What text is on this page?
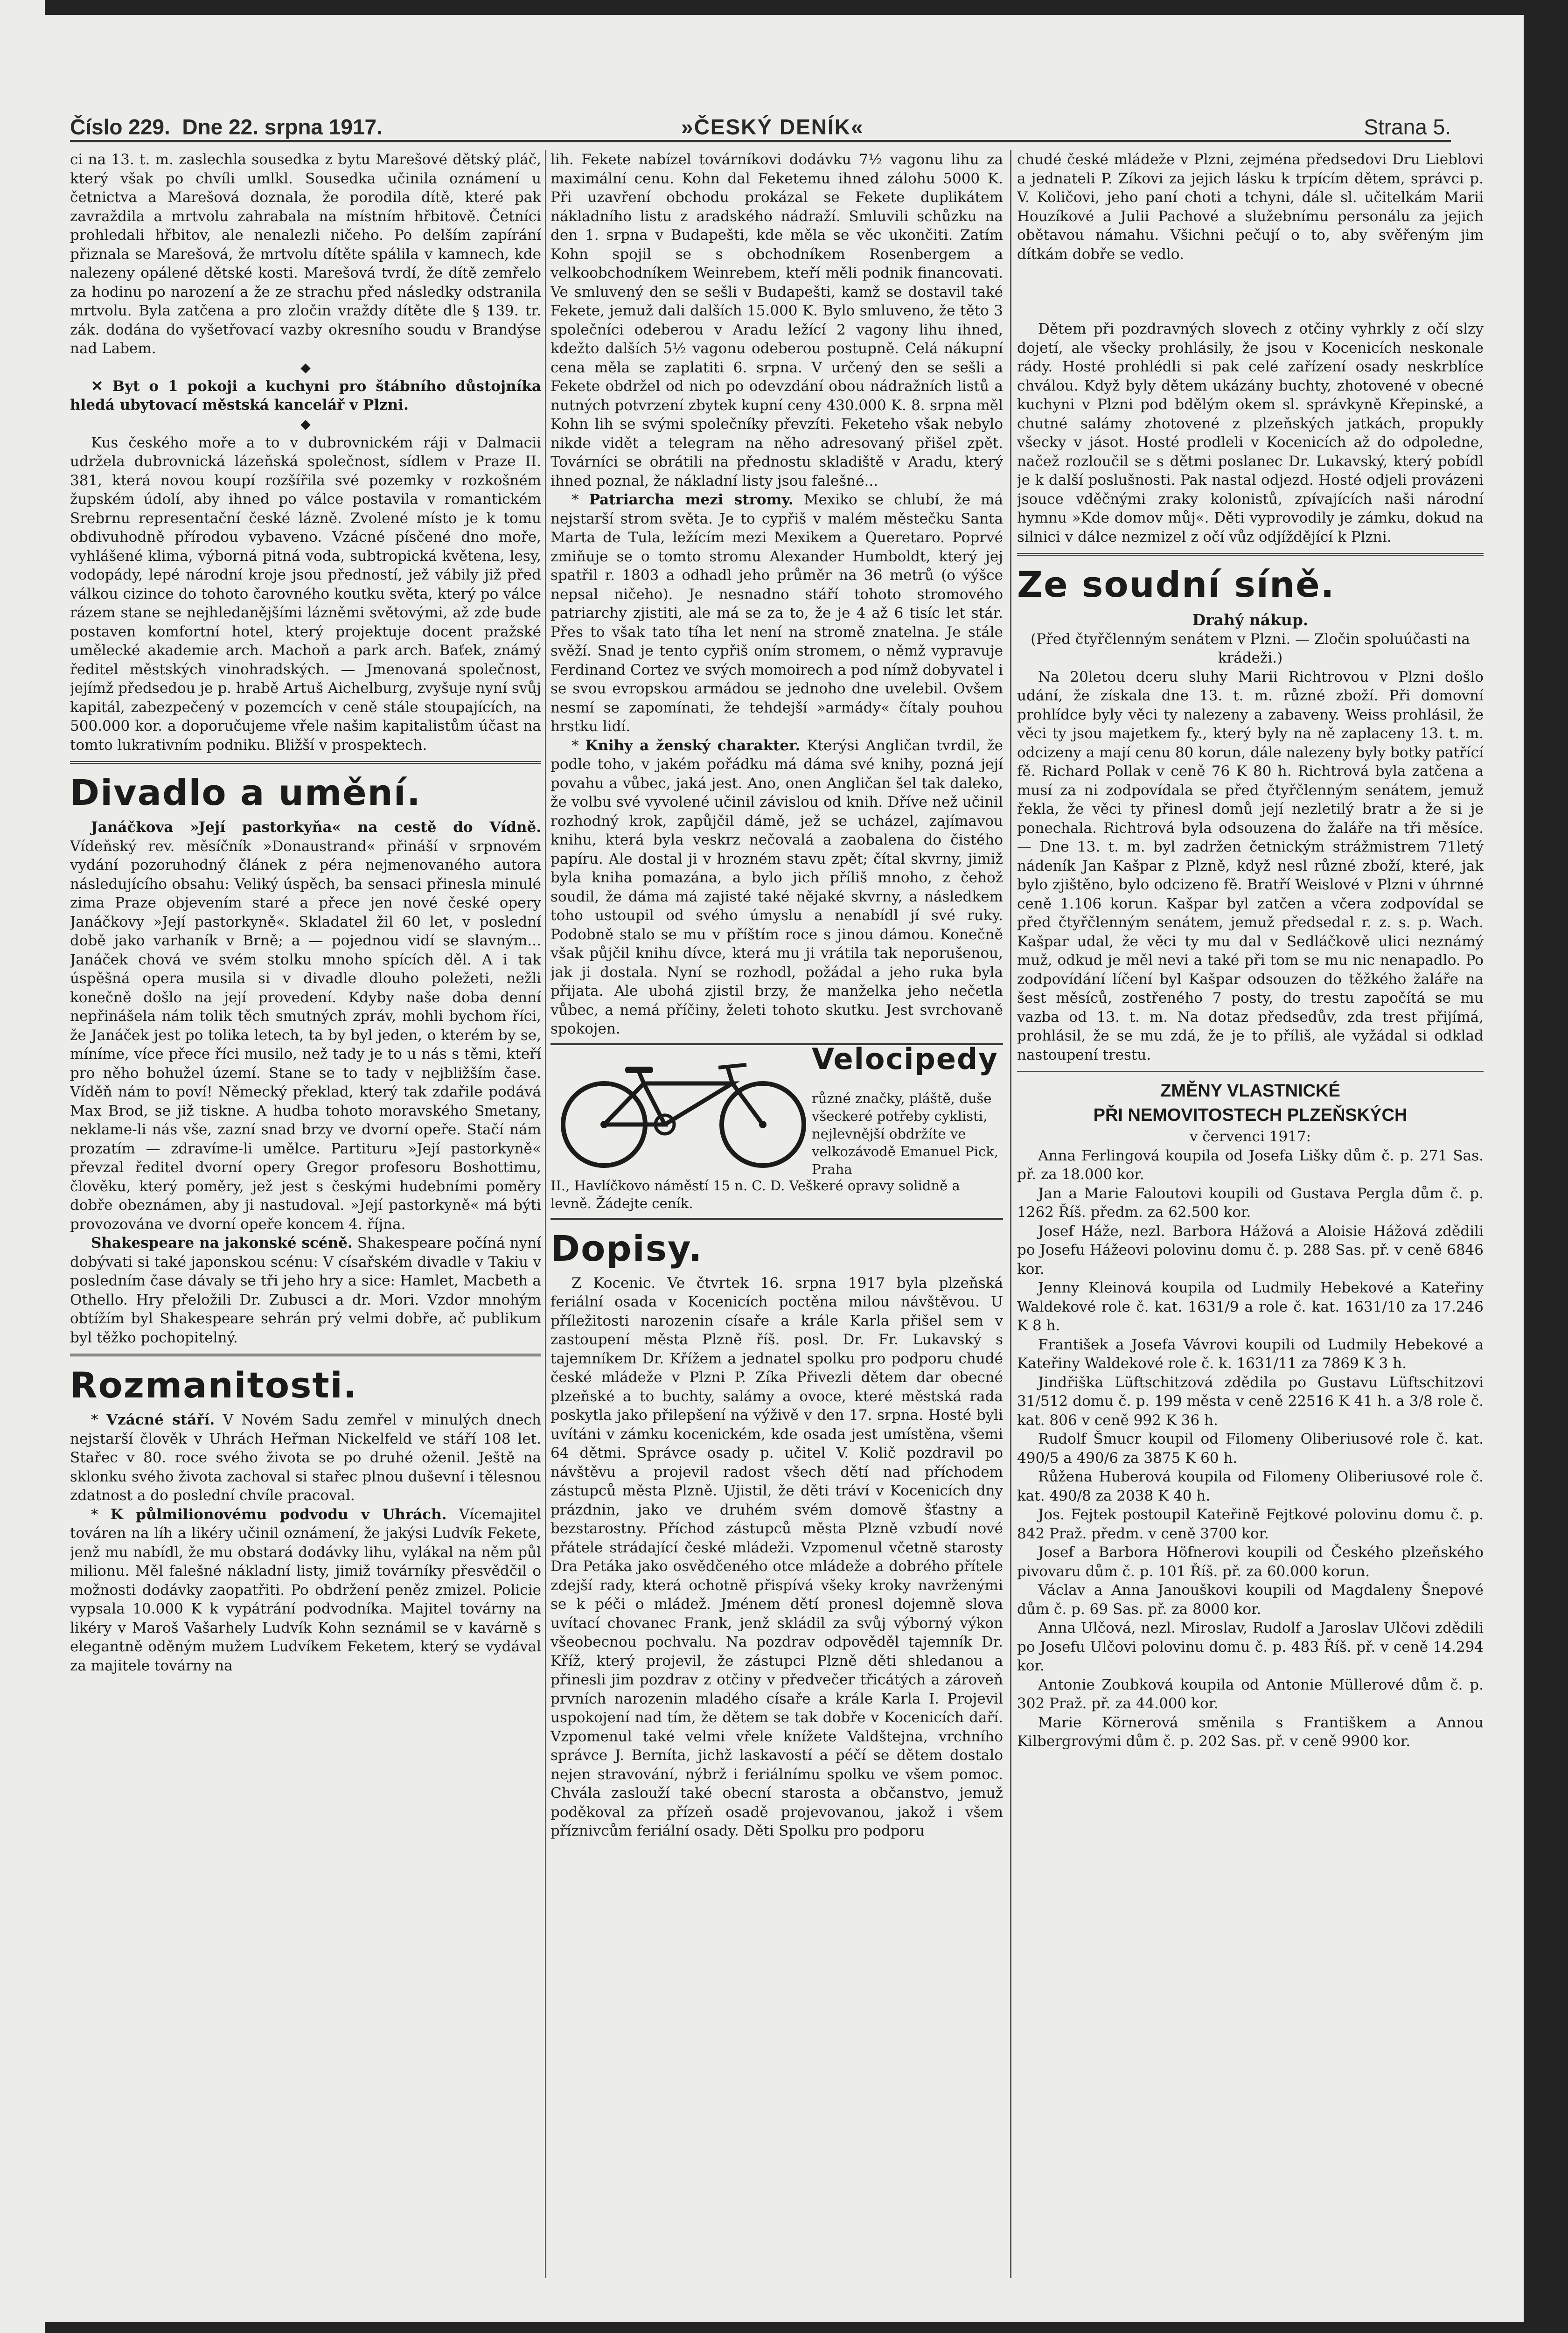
Číslo 229. Dne 22. srpna 1917.	»ČESKÝ DENÍK«	Strana 5.

ci na 13. t. m. zaslechla sousedka z bytu Marešové dětský pláč, který však po chvíli umlkl. Sousedka učinila oznámení u četnictva a Marešová doznala, že porodila dítě, které pak zavraždila a mrtvolu zahrabala na místním hřbitově. Četníci prohledali hřbitov, ale nenalezli ničeho. Po delším zapírání přiznala se Marešová, že mrtvolu dítěte spálila v kamnech, kde nalezeny opálené dětské kosti. Marešová tvrdí, že dítě zemřelo za hodinu po narození a že ze strachu před následky odstranila mrtvolu. Byla zatčena a pro zločin vraždy dítěte dle § 139. tr. zák. dodána do vyšetřovací vazby okresního soudu v Brandýse nad Labem.

◆

✕ Byt o 1 pokoji a kuchyni pro štábního důstojníka hledá ubytovací městská kancelář v Plzni.

◆

Kus českého moře a to v dubrovnickém ráji v Dalmacii udržela dubrovnická lázeňská společnost, sídlem v Praze II. 381, která novou koupí rozšířila své pozemky v rozkošném župském údolí, aby ihned po válce postavila v romantickém Srebrnu representační české lázně. Zvolené místo je k tomu obdivuhodně přírodou vybaveno. Vzácné písčené dno moře, vyhlášené klima, výborná pitná voda, subtropická květena, lesy, vodopády, lepé národní kroje jsou předností, jež vábily již před válkou cizince do tohoto čarovného koutku světa, který po válce rázem stane se nejhledanějšími lázněmi světovými, až zde bude postaven komfortní hotel, který projektuje docent pražské umělecké akademie arch. Machoň a park arch. Baťek, známý ředitel městských vinohradských. — Jmenovaná společnost, jejímž předsedou je p. hrabě Artuš Aichelburg, zvyšuje nyní svůj kapitál, zabezpečený v pozemcích v ceně stále stoupajících, na 500.000 kor. a doporučujeme vřele našim kapitalistům účast na tomto lukrativním podniku. Bližší v prospektech.

Divadlo a umění.

Janáčkova »Její pastorkyňa« na cestě do Vídně. Vídeňský rev. měsíčník »Donaustrand« přináší v srpnovém vydání pozoruhodný článek z péra nejmenovaného autora následujícího obsahu: Veliký úspěch, ba sensaci přinesla minulé zima Praze objevením staré a přece jen nové české opery Janáčkovy »Její pastorkyně«. Skladatel žil 60 let, v poslední době jako varhaník v Brně; a — pojednou vidí se slavným... Janáček chová ve svém stolku mnoho spících děl. A i tak úspěšná opera musila si v divadle dlouho poležeti, nežli konečně došlo na její provedení. Kdyby naše doba denní nepřinášela nám tolik těch smutných zpráv, mohli bychom říci, že Janáček jest po tolika letech, ta by byl jeden, o kterém by se, míníme, více přece říci musilo, než tady je to u nás s těmi, kteří pro něho bohužel území. Stane se to tady v nejbližším čase. Víděň nám to poví! Německý překlad, který tak zdařile podává Max Brod, se již tiskne. A hudba tohoto moravského Smetany, neklame-li nás vše, zazní snad brzy ve dvorní opeře. Stačí nám prozatím — zdravíme-li umělce. Partituru »Její pastorkyně« převzal ředitel dvorní opery Gregor profesoru Boshottimu, člověku, který poměry, jež jest s českými hudebními poměry dobře obeznámen, aby ji nastudoval. »Její pastorkyně« má býti provozována ve dvorní opeře koncem 4. října.

Shakespeare na jakonské scéně. Shakespeare počíná nyní dobývati si také japonskou scénu: V císařském divadle v Takiu v posledním čase dávaly se tři jeho hry a sice: Hamlet, Macbeth a Othello. Hry přeložili Dr. Zubusci a dr. Mori. Vzdor mnohým obtížím byl Shakespeare sehrán prý velmi dobře, ač publikum byl těžko pochopitelný.

Rozmanitosti.

* Vzácné stáří. V Novém Sadu zemřel v minulých dnech nejstarší člověk v Uhrách Heřman Nickelfeld ve stáří 108 let. Stařec v 80. roce svého života se po druhé oženil. Ještě na sklonku svého života zachoval si stařec plnou duševní i tělesnou zdatnost a do poslední chvíle pracoval.

* K půlmilionovému podvodu v Uhrách. Vícemajitel továren na líh a likéry učinil oznámení, že jakýsi Ludvík Fekete, jenž mu nabídl, že mu obstará dodávky lihu, vylákal na něm půl milionu. Měl falešné nákladní listy, jimiž továrníky přesvědčil o možnosti dodávky zaopatřiti. Po obdržení peněz zmizel. Policie vypsala 10.000 K k vypátrání podvodníka. Majitel továrny na likéry v Maroš Vašarhely Ludvík Kohn seznámil se v kavárně s elegantně oděným mužem Ludvíkem Feketem, který se vydával za majitele továrny na

lih. Fekete nabízel továrníkovi dodávku 7½ vagonu lihu za maximální cenu. Kohn dal Feketemu ihned zálohu 5000 K. Při uzavření obchodu prokázal se Fekete duplikátem nákladního listu z aradského nádraží. Smluvili schůzku na den 1. srpna v Budapešti, kde měla se věc ukončiti. Zatím Kohn spojil se s obchodníkem Rosenbergem a velkoobchodníkem Weinrebem, kteří měli podnik financovati. Ve smluvený den se sešli v Budapešti, kamž se dostavil také Fekete, jemuž dali dalších 15.000 K. Bylo smluveno, že těto 3 společníci odeberou v Aradu ležící 2 vagony lihu ihned, kdežto dalších 5½ vagonu odeberou postupně. Celá nákupní cena měla se zaplatiti 6. srpna. V určený den se sešli a Fekete obdržel od nich po odevzdání obou nádražních listů a nutných potvrzení zbytek kupní ceny 430.000 K. 8. srpna měl Kohn lih se svými společníky převzíti. Feketeho však nebylo nikde vidět a telegram na něho adresovaný přišel zpět. Továrníci se obrátili na přednostu skladiště v Aradu, který ihned poznal, že nákladní listy jsou falešné...

* Patriarcha mezi stromy. Mexiko se chlubí, že má nejstarší strom světa. Je to cypřiš v malém městečku Santa Marta de Tula, ležícím mezi Mexikem a Queretaro. Poprvé zmiňuje se o tomto stromu Alexander Humboldt, který jej spatřil r. 1803 a odhadl jeho průměr na 36 metrů (o výšce nepsal ničeho). Je nesnadno stáří tohoto stromového patriarchy zjistiti, ale má se za to, že je 4 až 6 tisíc let stár. Přes to však tato tíha let není na stromě znatelna. Je stále svěží. Snad je tento cypřiš oním stromem, o němž vypravuje Ferdinand Cortez ve svých momoirech a pod nímž dobyvatel i se svou evropskou armádou se jednoho dne uvelebil. Ovšem nesmí se zapomínati, že tehdejší »armády« čítaly pouhou hrstku lidí.

* Knihy a ženský charakter. Kterýsi Angličan tvrdil, že podle toho, v jakém pořádku má dáma své knihy, pozná její povahu a vůbec, jaká jest. Ano, onen Angličan šel tak daleko, že volbu své vyvolené učinil závislou od knih. Dříve než učinil rozhodný krok, zapůjčil dámě, jež se ucházel, zajímavou knihu, která byla veskrz nečovalá a zaobalena do čistého papíru. Ale dostal ji v hrozném stavu zpět; čítal skvrny, jimiž byla kniha pomazána, a bylo jich příliš mnoho, z čehož soudil, že dáma má zajisté také nějaké skvrny, a následkem toho ustoupil od svého úmyslu a nenabídl jí své ruky. Podobně stalo se mu v příštím roce s jinou dámou. Konečně však půjčil knihu dívce, která mu ji vrátila tak neporušenou, jak ji dostala. Nyní se rozhodl, požádal a jeho ruka byla přijata. Ale ubohá zjistil brzy, že manželka jeho nečetla vůbec, a nemá příčiny, želeti tohoto skutku. Jest svrchovaně spokojen.

Velocipedy
různé značky, pláště, duše všeckeré potřeby cyklisti, nejlevnější obdržíte ve velkozávodě Emanuel Pick, Praha
II., Havlíčkovo náměstí 15 n. C. D. Veškeré opravy solidně a levně. Žádejte ceník.
Dopisy.

Z Kocenic. Ve čtvrtek 16. srpna 1917 byla plzeňská feriální osada v Kocenicích poctěna milou návštěvou. U příležitosti narozenin císaře a krále Karla přišel sem v zastoupení města Plzně říš. posl. Dr. Fr. Lukavský s tajemníkem Dr. Křížem a jednatel spolku pro podporu chudé české mládeže v Plzni P. Zíka Přivezli dětem dar obecné plzeňské a to buchty, salámy a ovoce, které městská rada poskytla jako přilepšení na výživě v den 17. srpna. Hosté byli uvítáni v zámku kocenickém, kde osada jest umístěna, všemi 64 dětmi. Správce osady p. učitel V. Količ pozdravil po návštěvu a projevil radost všech dětí nad příchodem zástupců města Plzně. Ujistil, že děti tráví v Kocenicích dny prázdnin, jako ve druhém svém domově šťastny a bezstarostny. Příchod zástupců města Plzně vzbudí nové přátele strádající české mládeži. Vzpomenul včetně starosty Dra Petáka jako osvědčeného otce mládeže a dobrého přítele zdejší rady, která ochotně přispívá všeky kroky navrženými se k péči o mládež. Jménem dětí pronesl dojemně slova uvítací chovanec Frank, jenž skládil za svůj výborný výkon všeobecnou pochvalu. Na pozdrav odpověděl tajemník Dr. Kříž, který projevil, že zástupci Plzně děti shledanou a přinesli jim pozdrav z otčiny v předvečer třicátých a zároveň prvních narozenin mladého císaře a krále Karla I. Projevil uspokojení nad tím, že dětem se tak dobře v Kocenicích daří. Vzpomenul také velmi vřele knížete Valdštejna, vrchního správce J. Berníta, jichž laskavostí a péčí se dětem dostalo nejen stravování, nýbrž i feriálnímu spolku ve všem pomoc. Chvála zaslouží také obecní starosta a občanstvo, jemuž poděkoval za přízeň osadě projevovanou, jakož i všem příznivcům feriální osady. Děti Spolku pro podporu

chudé české mládeže v Plzni, zejména předsedovi Dru Lieblovi a jednateli P. Zíkovi za jejich lásku k trpícím dětem, správci p. V. Količovi, jeho paní choti a tchyni, dále sl. učitelkám Marii Houzíkové a Julii Pachové a služebnímu personálu za jejich obětavou námahu. Všichni pečují o to, aby svěřeným jim dítkám dobře se vedlo.

Dětem při pozdravných slovech z otčiny vyhrkly z očí slzy dojetí, ale všecky prohlásily, že jsou v Kocenicích neskonale rády. Hosté prohlédli si pak celé zařízení osady neskrblíce chválou. Když byly dětem ukázány buchty, zhotovené v obecné kuchyni v Plzni pod bdělým okem sl. správkyně Křepinské, a chutné salámy zhotovené z plzeňských jatkách, propukly všecky v jásot. Hosté prodleli v Kocenicích až do odpoledne, načež rozloučil se s dětmi poslanec Dr. Lukavský, který pobídl je k další poslušnosti. Pak nastal odjezd. Hosté odjeli provázeni jsouce vděčnými zraky kolonistů, zpívajících naši národní hymnu »Kde domov můj«. Děti vyprovodily je zámku, dokud na silnici v dálce nezmizel z očí vůz odjíždějící k Plzni.

Ze soudní síně.

Drahý nákup.

(Před čtyřčlenným senátem v Plzni. — Zločin spoluúčasti na krádeži.)

Na 20letou dceru sluhy Marii Richtrovou v Plzni došlo udání, že získala dne 13. t. m. různé zboží. Při domovní prohlídce byly věci ty nalezeny a zabaveny. Weiss prohlásil, že věci ty jsou majetkem fy., který byly na ně zaplaceny 13. t. m. odcizeny a mají cenu 80 korun, dále nalezeny byly botky patřící fě. Richard Pollak v ceně 76 K 80 h. Richtrová byla zatčena a musí za ni zodpovídala se před čtyřčlenným senátem, jemuž řekla, že věci ty přinesl domů její nezletilý bratr a že si je ponechala. Richtrová byla odsouzena do žaláře na tři měsíce. — Dne 13. t. m. byl zadržen četnickým strážmistrem 71letý nádeník Jan Kašpar z Plzně, když nesl různé zboží, které, jak bylo zjištěno, bylo odcizeno fě. Bratří Weislové v Plzni v úhrnné ceně 1.106 korun. Kašpar byl zatčen a včera zodpovídal se před čtyřčlenným senátem, jemuž předsedal r. z. s. p. Wach. Kašpar udal, že věci ty mu dal v Sedláčkově ulici neznámý muž, odkud je měl nevi a také při tom se mu nic nenapadlo. Po zodpovídání líčení byl Kašpar odsouzen do těžkého žaláře na šest měsíců, zostřeného 7 posty, do trestu započítá se mu vazba od 13. t. m. Na dotaz předsedův, zda trest přijímá, prohlásil, že se mu zdá, že je to příliš, ale vyžádal si odklad nastoupení trestu.

ZMĚNY VLASTNICKÉ
PŘI NEMOVITOSTECH PLZEŇSKÝCH

v červenci 1917:

Anna Ferlingová koupila od Josefa Lišky dům č. p. 271 Sas. př. za 18.000 kor.

Jan a Marie Faloutovi koupili od Gustava Pergla dům č. p. 1262 Říš. předm. za 62.500 kor.

Josef Háže, nezl. Barbora Hážová a Aloisie Hážová zdědili po Josefu Hážeovi polovinu domu č. p. 288 Sas. př. v ceně 6846 kor.

Jenny Kleinová koupila od Ludmily Hebekové a Kateřiny Waldekové role č. kat. 1631/9 a role č. kat. 1631/10 za 17.246 K 8 h.

František a Josefa Vávrovi koupili od Ludmily Hebekové a Kateřiny Waldekové role č. k. 1631/11 za 7869 K 3 h.

Jindřiška Lüftschitzová zdědila po Gustavu Lüftschitzovi 31/512 domu č. p. 199 města v ceně 22516 K 41 h. a 3/8 role č. kat. 806 v ceně 992 K 36 h.

Rudolf Šmucr koupil od Filomeny Oliberiusové role č. kat. 490/5 a 490/6 za 3875 K 60 h.

Růžena Huberová koupila od Filomeny Oliberiusové role č. kat. 490/8 za 2038 K 40 h.

Jos. Fejtek postoupil Kateřině Fejtkové polovinu domu č. p. 842 Praž. předm. v ceně 3700 kor.

Josef a Barbora Höfnerovi koupili od Českého plzeňského pivovaru dům č. p. 101 Říš. př. za 60.000 korun.

Václav a Anna Janouškovi koupili od Magdaleny Šnepové dům č. p. 69 Sas. př. za 8000 kor.

Anna Ulčová, nezl. Miroslav, Rudolf a Jaroslav Ulčovi zdědili po Josefu Ulčovi polovinu domu č. p. 483 Říš. př. v ceně 14.294 kor.

Antonie Zoubková koupila od Antonie Müllerové dům č. p. 302 Praž. př. za 44.000 kor.

Marie Körnerová směnila s Františkem a Annou Kilbergrovými dům č. p. 202 Sas. př. v ceně 9900 kor.
